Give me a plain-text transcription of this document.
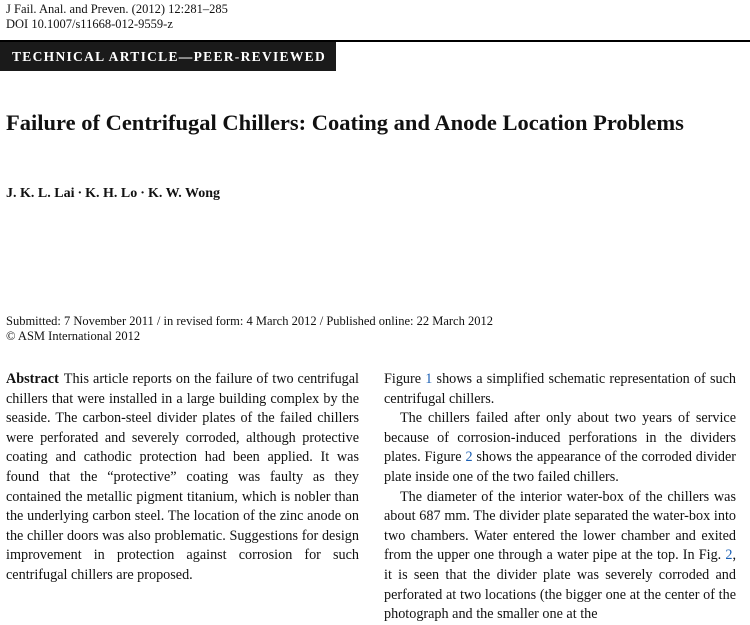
J Fail. Anal. and Preven. (2012) 12:281–285
DOI 10.1007/s11668-012-9559-z
TECHNICAL ARTICLE—PEER-REVIEWED
Failure of Centrifugal Chillers: Coating and Anode Location Problems
J. K. L. Lai · K. H. Lo · K. W. Wong
Submitted: 7 November 2011 / in revised form: 4 March 2012 / Published online: 22 March 2012
© ASM International 2012

Abstract This article reports on the failure of two centrifugal chillers that were installed in a large building complex by the seaside. The carbon-steel divider plates of the failed chillers were perforated and severely corroded, although protective coating and cathodic protection had been applied. It was found that the “protective” coating was faulty as they contained the metallic pigment titanium, which is nobler than the underlying carbon steel. The location of the zinc anode on the chiller doors was also problematic. Suggestions for design improvement in protection against corrosion for such centrifugal chillers are proposed.

Figure 1 shows a simplified schematic representation of such centrifugal chillers.

The chillers failed after only about two years of service because of corrosion-induced perforations in the dividers plates. Figure 2 shows the appearance of the corroded divider plate inside one of the two failed chillers.

The diameter of the interior water-box of the chillers was about 687 mm. The divider plate separated the water-box into two chambers. Water entered the lower chamber and exited from the upper one through a water pipe at the top. In Fig. 2, it is seen that the divider plate was severely corroded and perforated at two locations (the bigger one at the center of the photograph and the smaller one at the
